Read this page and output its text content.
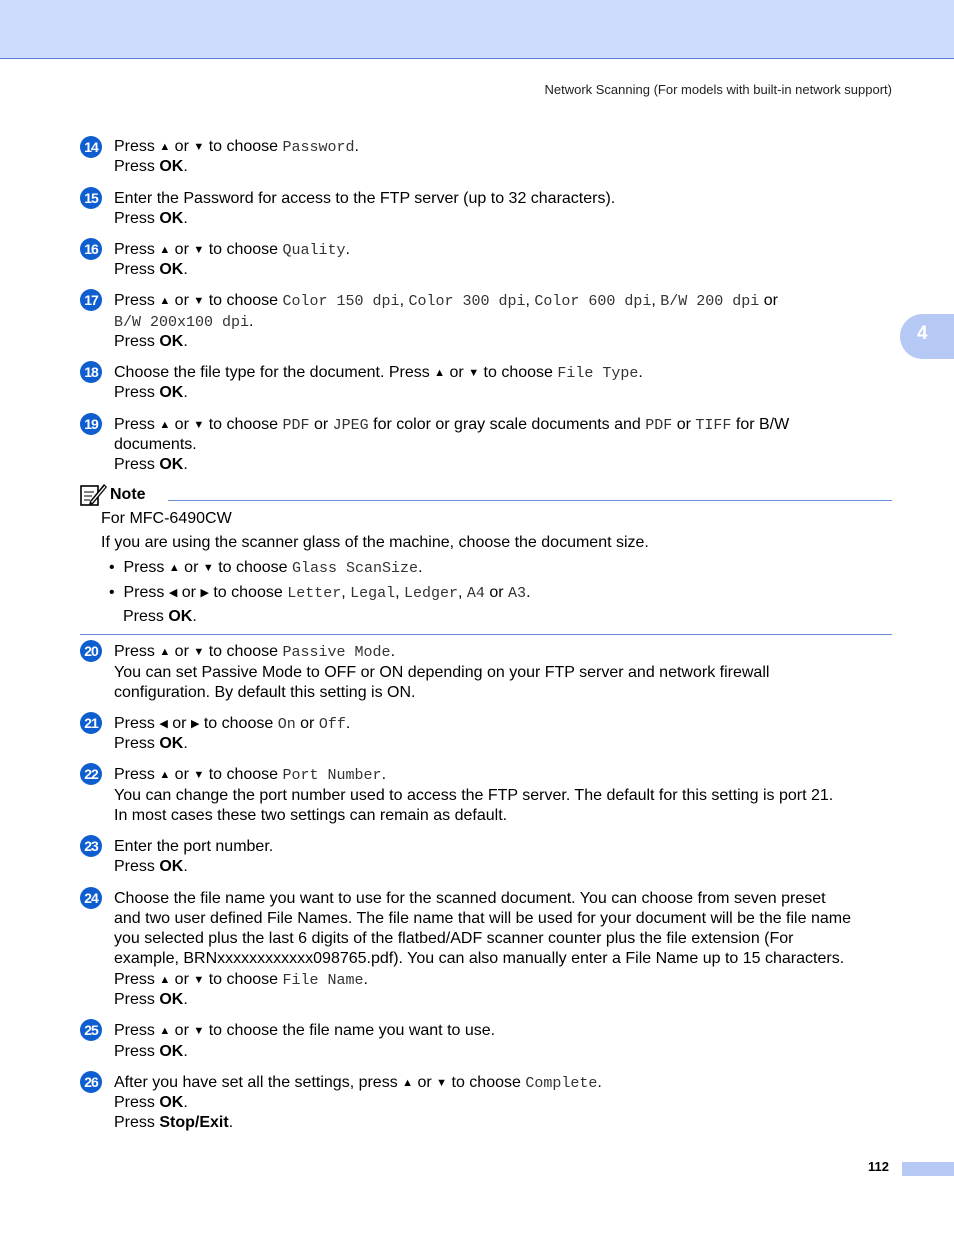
Network Scanning (For models with built-in network support)
4
14 Press ▲ or ▼ to choose Password.
Press OK.
15 Enter the Password for access to the FTP server (up to 32 characters).
Press OK.
16 Press ▲ or ▼ to choose Quality.
Press OK.
17 Press ▲ or ▼ to choose Color 150 dpi, Color 300 dpi, Color 600 dpi, B/W 200 dpi or
B/W 200x100 dpi.
Press OK.
18 Choose the file type for the document. Press ▲ or ▼ to choose File Type.
Press OK.
19 Press ▲ or ▼ to choose PDF or JPEG for color or gray scale documents and PDF or TIFF for B/W
documents.
Press OK.
Note
For MFC-6490CW
If you are using the scanner glass of the machine, choose the document size.
•  Press ▲ or ▼ to choose Glass ScanSize.
•  Press ◀ or ▶ to choose Letter, Legal, Ledger, A4 or A3.
Press OK.
20 Press ▲ or ▼ to choose Passive Mode.
You can set Passive Mode to OFF or ON depending on your FTP server and network firewall
configuration. By default this setting is ON.
21 Press ◀ or ▶ to choose On or Off.
Press OK.
22 Press ▲ or ▼ to choose Port Number.
You can change the port number used to access the FTP server. The default for this setting is port 21.
In most cases these two settings can remain as default.
23 Enter the port number.
Press OK.
24 Choose the file name you want to use for the scanned document. You can choose from seven preset
and two user defined File Names. The file name that will be used for your document will be the file name
you selected plus the last 6 digits of the flatbed/ADF scanner counter plus the file extension (For
example, BRNxxxxxxxxxxxx098765.pdf). You can also manually enter a File Name up to 15 characters.
Press ▲ or ▼ to choose File Name.
Press OK.
25 Press ▲ or ▼ to choose the file name you want to use.
Press OK.
26 After you have set all the settings, press ▲ or ▼ to choose Complete.
Press OK.
Press Stop/Exit.
112
